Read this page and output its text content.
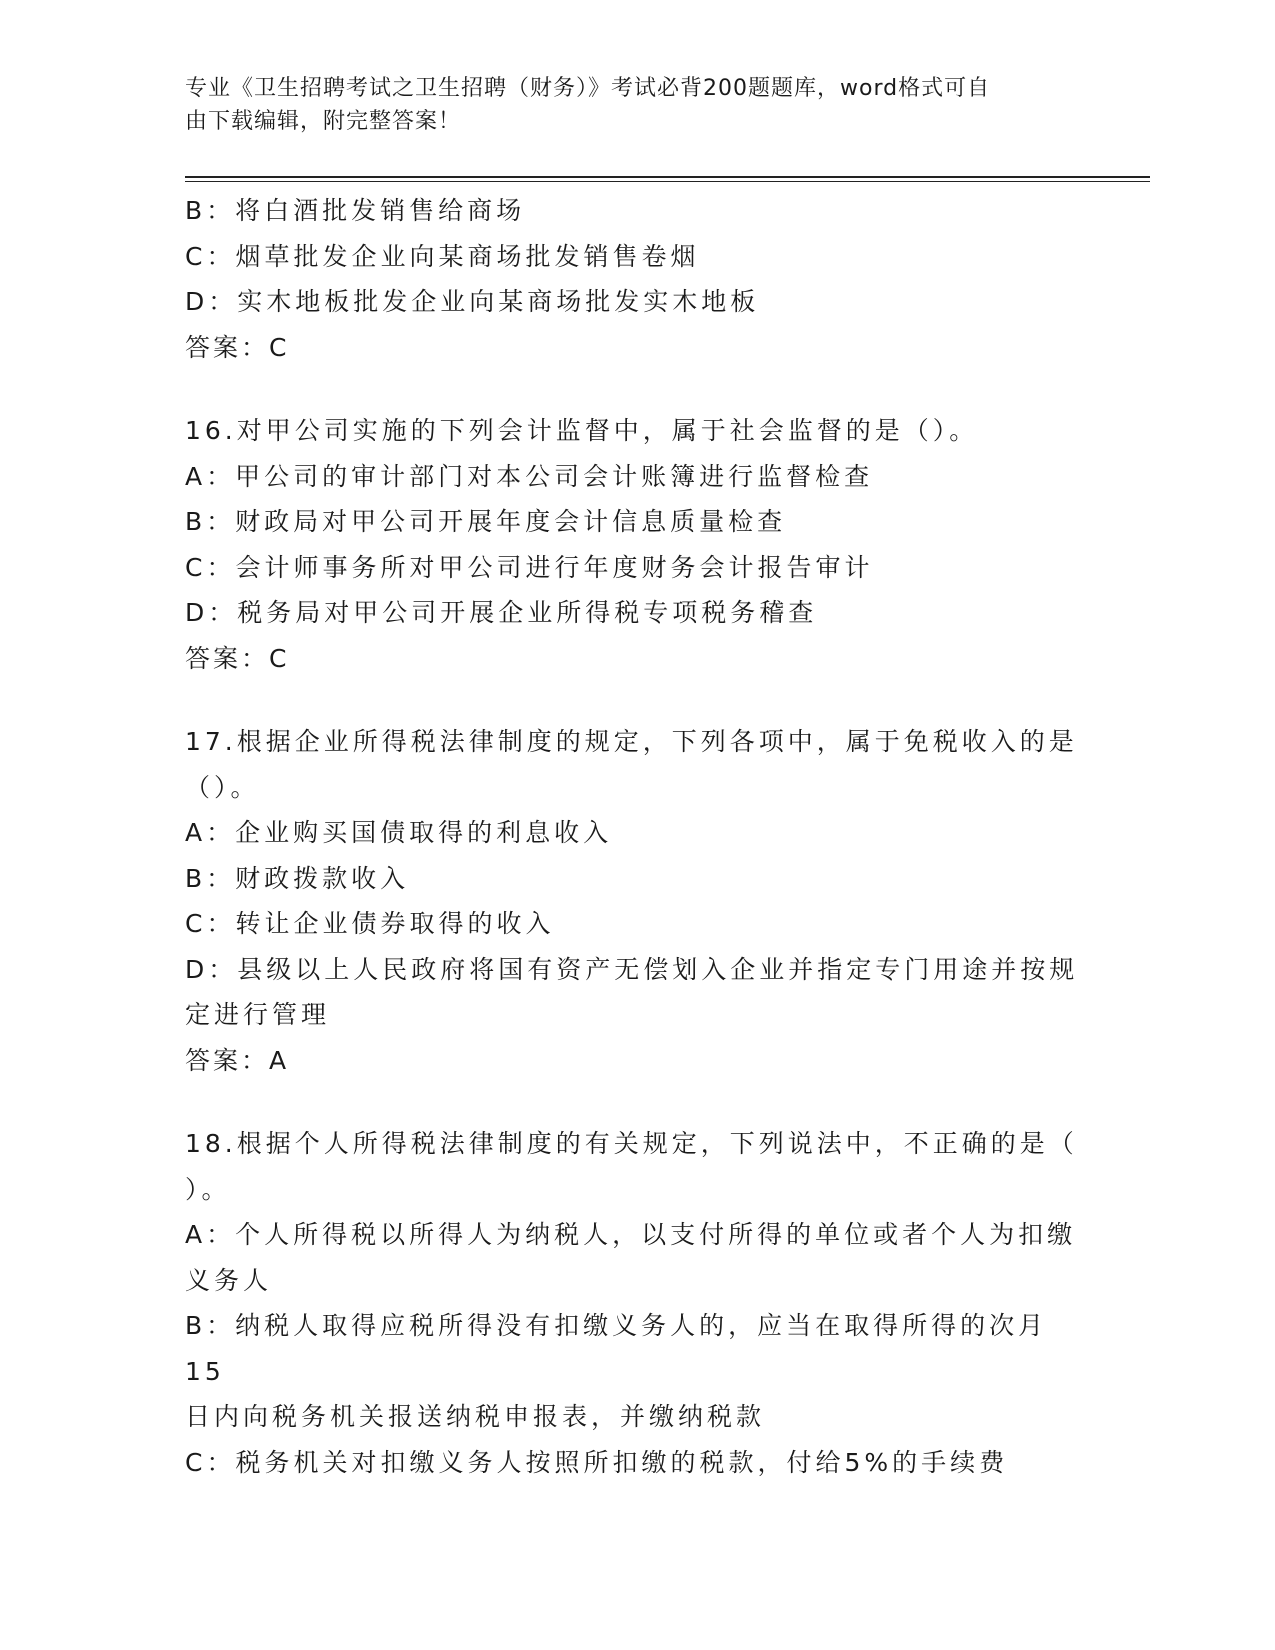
专业《卫生招聘考试之卫生招聘（财务）》考试必背200题题库，word格式可自
由下载编辑，附完整答案！
B：将白酒批发销售给商场
C：烟草批发企业向某商场批发销售卷烟
D：实木地板批发企业向某商场批发实木地板
答案：C
16.对甲公司实施的下列会计监督中，属于社会监督的是（）。
A：甲公司的审计部门对本公司会计账簿进行监督检查
B：财政局对甲公司开展年度会计信息质量检查
C：会计师事务所对甲公司进行年度财务会计报告审计
D：税务局对甲公司开展企业所得税专项税务稽查
答案：C
17.根据企业所得税法律制度的规定，下列各项中，属于免税收入的是
（）。
A：企业购买国债取得的利息收入
B：财政拨款收入
C：转让企业债券取得的收入
D：县级以上人民政府将国有资产无偿划入企业并指定专门用途并按规
定进行管理
答案：A
18.根据个人所得税法律制度的有关规定，下列说法中，不正确的是（
）。
A：个人所得税以所得人为纳税人，以支付所得的单位或者个人为扣缴
义务人
B：纳税人取得应税所得没有扣缴义务人的，应当在取得所得的次月15
日内向税务机关报送纳税申报表，并缴纳税款
C：税务机关对扣缴义务人按照所扣缴的税款，付给5%的手续费
